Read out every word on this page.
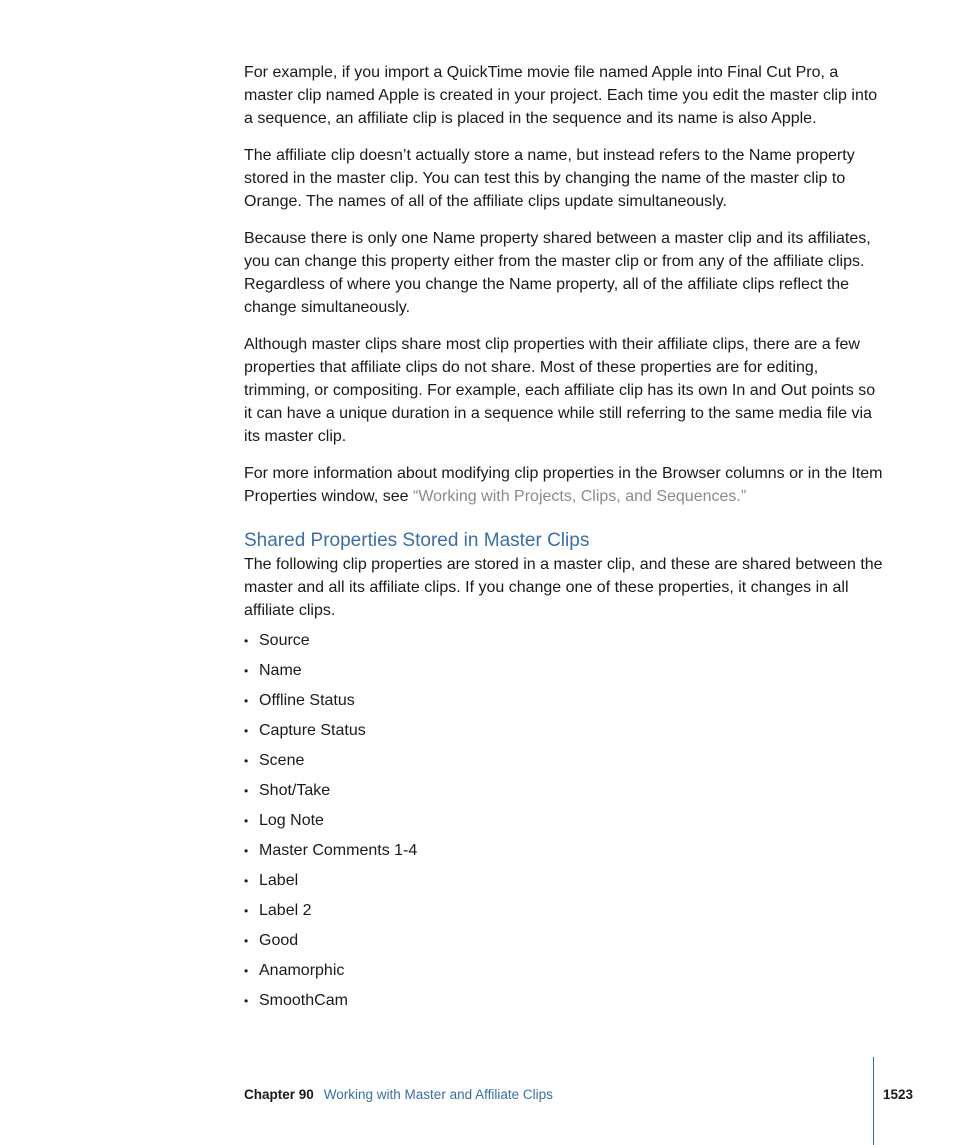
For example, if you import a QuickTime movie file named Apple into Final Cut Pro, a master clip named Apple is created in your project. Each time you edit the master clip into a sequence, an affiliate clip is placed in the sequence and its name is also Apple.

The affiliate clip doesn’t actually store a name, but instead refers to the Name property stored in the master clip. You can test this by changing the name of the master clip to Orange. The names of all of the affiliate clips update simultaneously.

Because there is only one Name property shared between a master clip and its affiliates, you can change this property either from the master clip or from any of the affiliate clips. Regardless of where you change the Name property, all of the affiliate clips reflect the change simultaneously.

Although master clips share most clip properties with their affiliate clips, there are a few properties that affiliate clips do not share. Most of these properties are for editing, trimming, or compositing. For example, each affiliate clip has its own In and Out points so it can have a unique duration in a sequence while still referring to the same media file via its master clip.

For more information about modifying clip properties in the Browser columns or in the Item Properties window, see “Working with Projects, Clips, and Sequences.”

Shared Properties Stored in Master Clips

The following clip properties are stored in a master clip, and these are shared between the master and all its affiliate clips. If you change one of these properties, it changes in all affiliate clips.

• Source
• Name
• Offline Status
• Capture Status
• Scene
• Shot/Take
• Log Note
• Master Comments 1-4
• Label
• Label 2
• Good
• Anamorphic
• SmoothCam
Chapter 90 Working with Master and Affiliate Clips	1523
